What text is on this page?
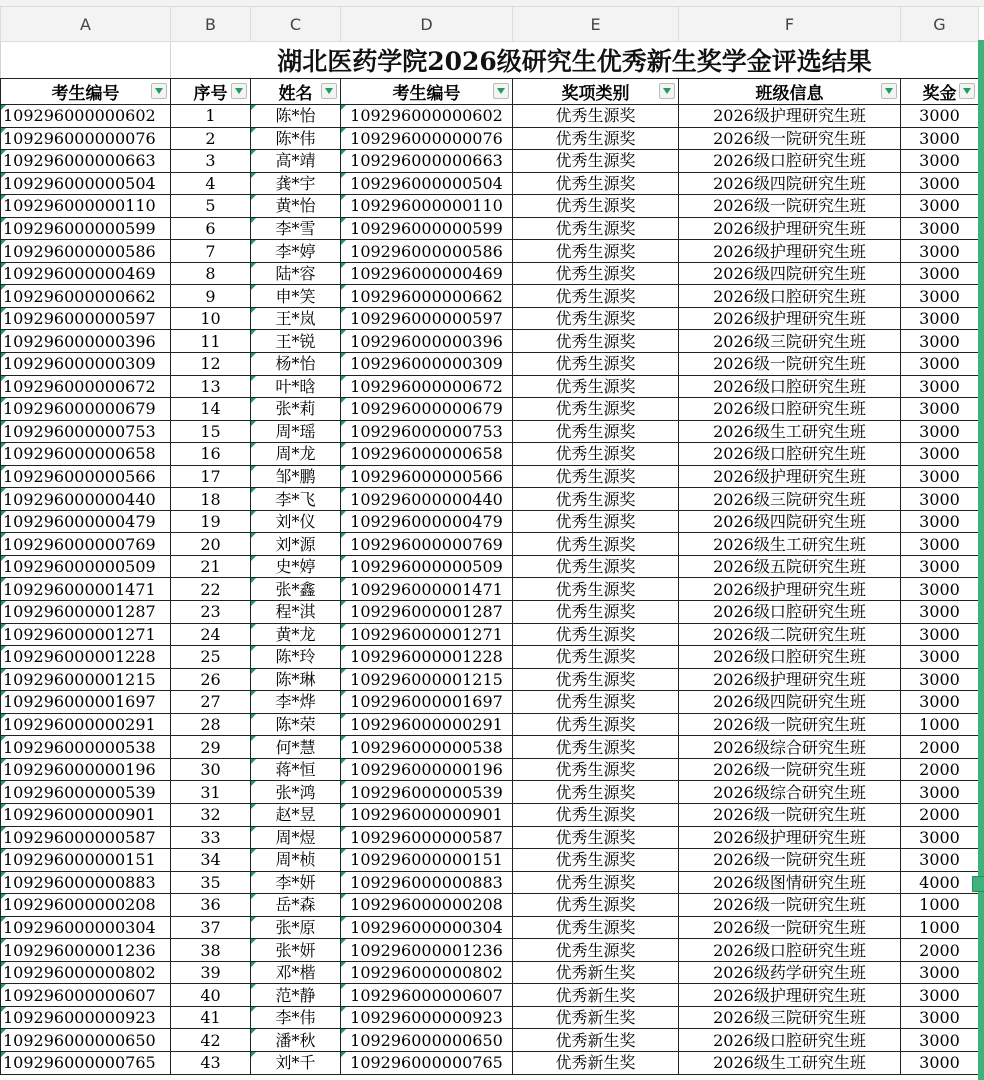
A	B	C	D	E	F	G
	湖北医药学院2026级研究生优秀新生奖学金评选结果					
考生编号	序号	姓名	考生编号	奖项类别	班级信息	奖金

109296000000602	1	陈*怡	109296000000602	优秀生源奖	2026级护理研究生班	3000
109296000000076	2	陈*伟	109296000000076	优秀生源奖	2026级一院研究生班	3000
109296000000663	3	高*靖	109296000000663	优秀生源奖	2026级口腔研究生班	3000
109296000000504	4	龚*宇	109296000000504	优秀生源奖	2026级四院研究生班	3000
109296000000110	5	黄*怡	109296000000110	优秀生源奖	2026级一院研究生班	3000
109296000000599	6	李*雪	109296000000599	优秀生源奖	2026级护理研究生班	3000
109296000000586	7	李*婷	109296000000586	优秀生源奖	2026级护理研究生班	3000
109296000000469	8	陆*容	109296000000469	优秀生源奖	2026级四院研究生班	3000
109296000000662	9	申*笑	109296000000662	优秀生源奖	2026级口腔研究生班	3000
109296000000597	10	王*岚	109296000000597	优秀生源奖	2026级护理研究生班	3000
109296000000396	11	王*锐	109296000000396	优秀生源奖	2026级三院研究生班	3000
109296000000309	12	杨*怡	109296000000309	优秀生源奖	2026级一院研究生班	3000
109296000000672	13	叶*晗	109296000000672	优秀生源奖	2026级口腔研究生班	3000
109296000000679	14	张*莉	109296000000679	优秀生源奖	2026级口腔研究生班	3000
109296000000753	15	周*瑶	109296000000753	优秀生源奖	2026级生工研究生班	3000
109296000000658	16	周*龙	109296000000658	优秀生源奖	2026级口腔研究生班	3000
109296000000566	17	邹*鹏	109296000000566	优秀生源奖	2026级护理研究生班	3000
109296000000440	18	李*飞	109296000000440	优秀生源奖	2026级三院研究生班	3000
109296000000479	19	刘*仪	109296000000479	优秀生源奖	2026级四院研究生班	3000
109296000000769	20	刘*源	109296000000769	优秀生源奖	2026级生工研究生班	3000
109296000000509	21	史*婷	109296000000509	优秀生源奖	2026级五院研究生班	3000
109296000001471	22	张*鑫	109296000001471	优秀生源奖	2026级护理研究生班	3000
109296000001287	23	程*淇	109296000001287	优秀生源奖	2026级口腔研究生班	3000
109296000001271	24	黄*龙	109296000001271	优秀生源奖	2026级二院研究生班	3000
109296000001228	25	陈*玲	109296000001228	优秀生源奖	2026级口腔研究生班	3000
109296000001215	26	陈*琳	109296000001215	优秀生源奖	2026级护理研究生班	3000
109296000001697	27	李*烨	109296000001697	优秀生源奖	2026级四院研究生班	3000
109296000000291	28	陈*荣	109296000000291	优秀生源奖	2026级一院研究生班	1000
109296000000538	29	何*慧	109296000000538	优秀生源奖	2026级综合研究生班	2000
109296000000196	30	蒋*恒	109296000000196	优秀生源奖	2026级一院研究生班	2000
109296000000539	31	张*鸿	109296000000539	优秀生源奖	2026级综合研究生班	3000
109296000000901	32	赵*昱	109296000000901	优秀生源奖	2026级一院研究生班	2000
109296000000587	33	周*煜	109296000000587	优秀生源奖	2026级护理研究生班	3000
109296000000151	34	周*桢	109296000000151	优秀生源奖	2026级一院研究生班	3000
109296000000883	35	李*妍	109296000000883	优秀生源奖	2026级图情研究生班	4000
109296000000208	36	岳*森	109296000000208	优秀生源奖	2026级一院研究生班	1000
109296000000304	37	张*原	109296000000304	优秀生源奖	2026级一院研究生班	1000
109296000001236	38	张*妍	109296000001236	优秀生源奖	2026级口腔研究生班	2000
109296000000802	39	邓*楷	109296000000802	优秀新生奖	2026级药学研究生班	3000
109296000000607	40	范*静	109296000000607	优秀新生奖	2026级护理研究生班	3000
109296000000923	41	李*伟	109296000000923	优秀新生奖	2026级三院研究生班	3000
109296000000650	42	潘*秋	109296000000650	优秀新生奖	2026级口腔研究生班	3000
109296000000765	43	刘*千	109296000000765	优秀新生奖	2026级生工研究生班	3000
